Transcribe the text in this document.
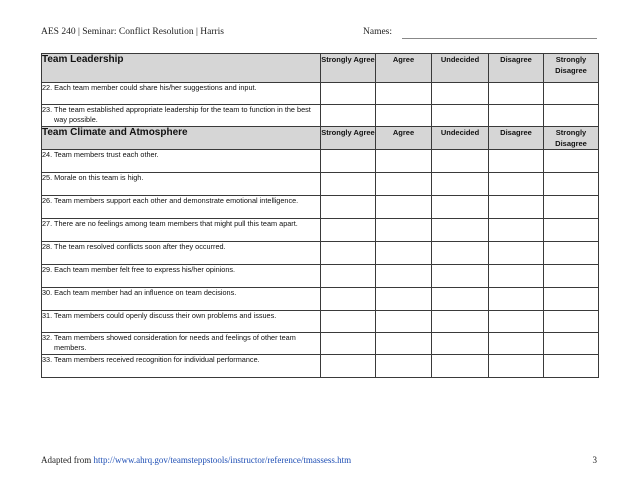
AES 240 | Seminar: Conflict Resolution | Harris	Names:
Team Leadership	Strongly Agree	Agree	Undecided	Disagree	Strongly Disagree

22. Each team member could share his/her suggestions and input.					

23. The team established appropriate leadership for the team to function in the best way possible.					

Team Climate and Atmosphere	Strongly Agree	Agree	Undecided	Disagree	Strongly Disagree

24. Team members trust each other.					

25. Morale on this team is high.					

26. Team members support each other and demonstrate emotional intelligence.					

27. There are no feelings among team members that might pull this team apart.					

28. The team resolved conflicts soon after they occurred.					

29. Each team member felt free to express his/her opinions.					

30. Each team member had an influence on team decisions.					

31. Team members could openly discuss their own problems and issues.					

32. Team members showed consideration for needs and feelings of other team members.					

33. Team members received recognition for individual performance.					

Adapted from http://www.ahrq.gov/teamsteppstools/instructor/reference/tmassess.htm	3
